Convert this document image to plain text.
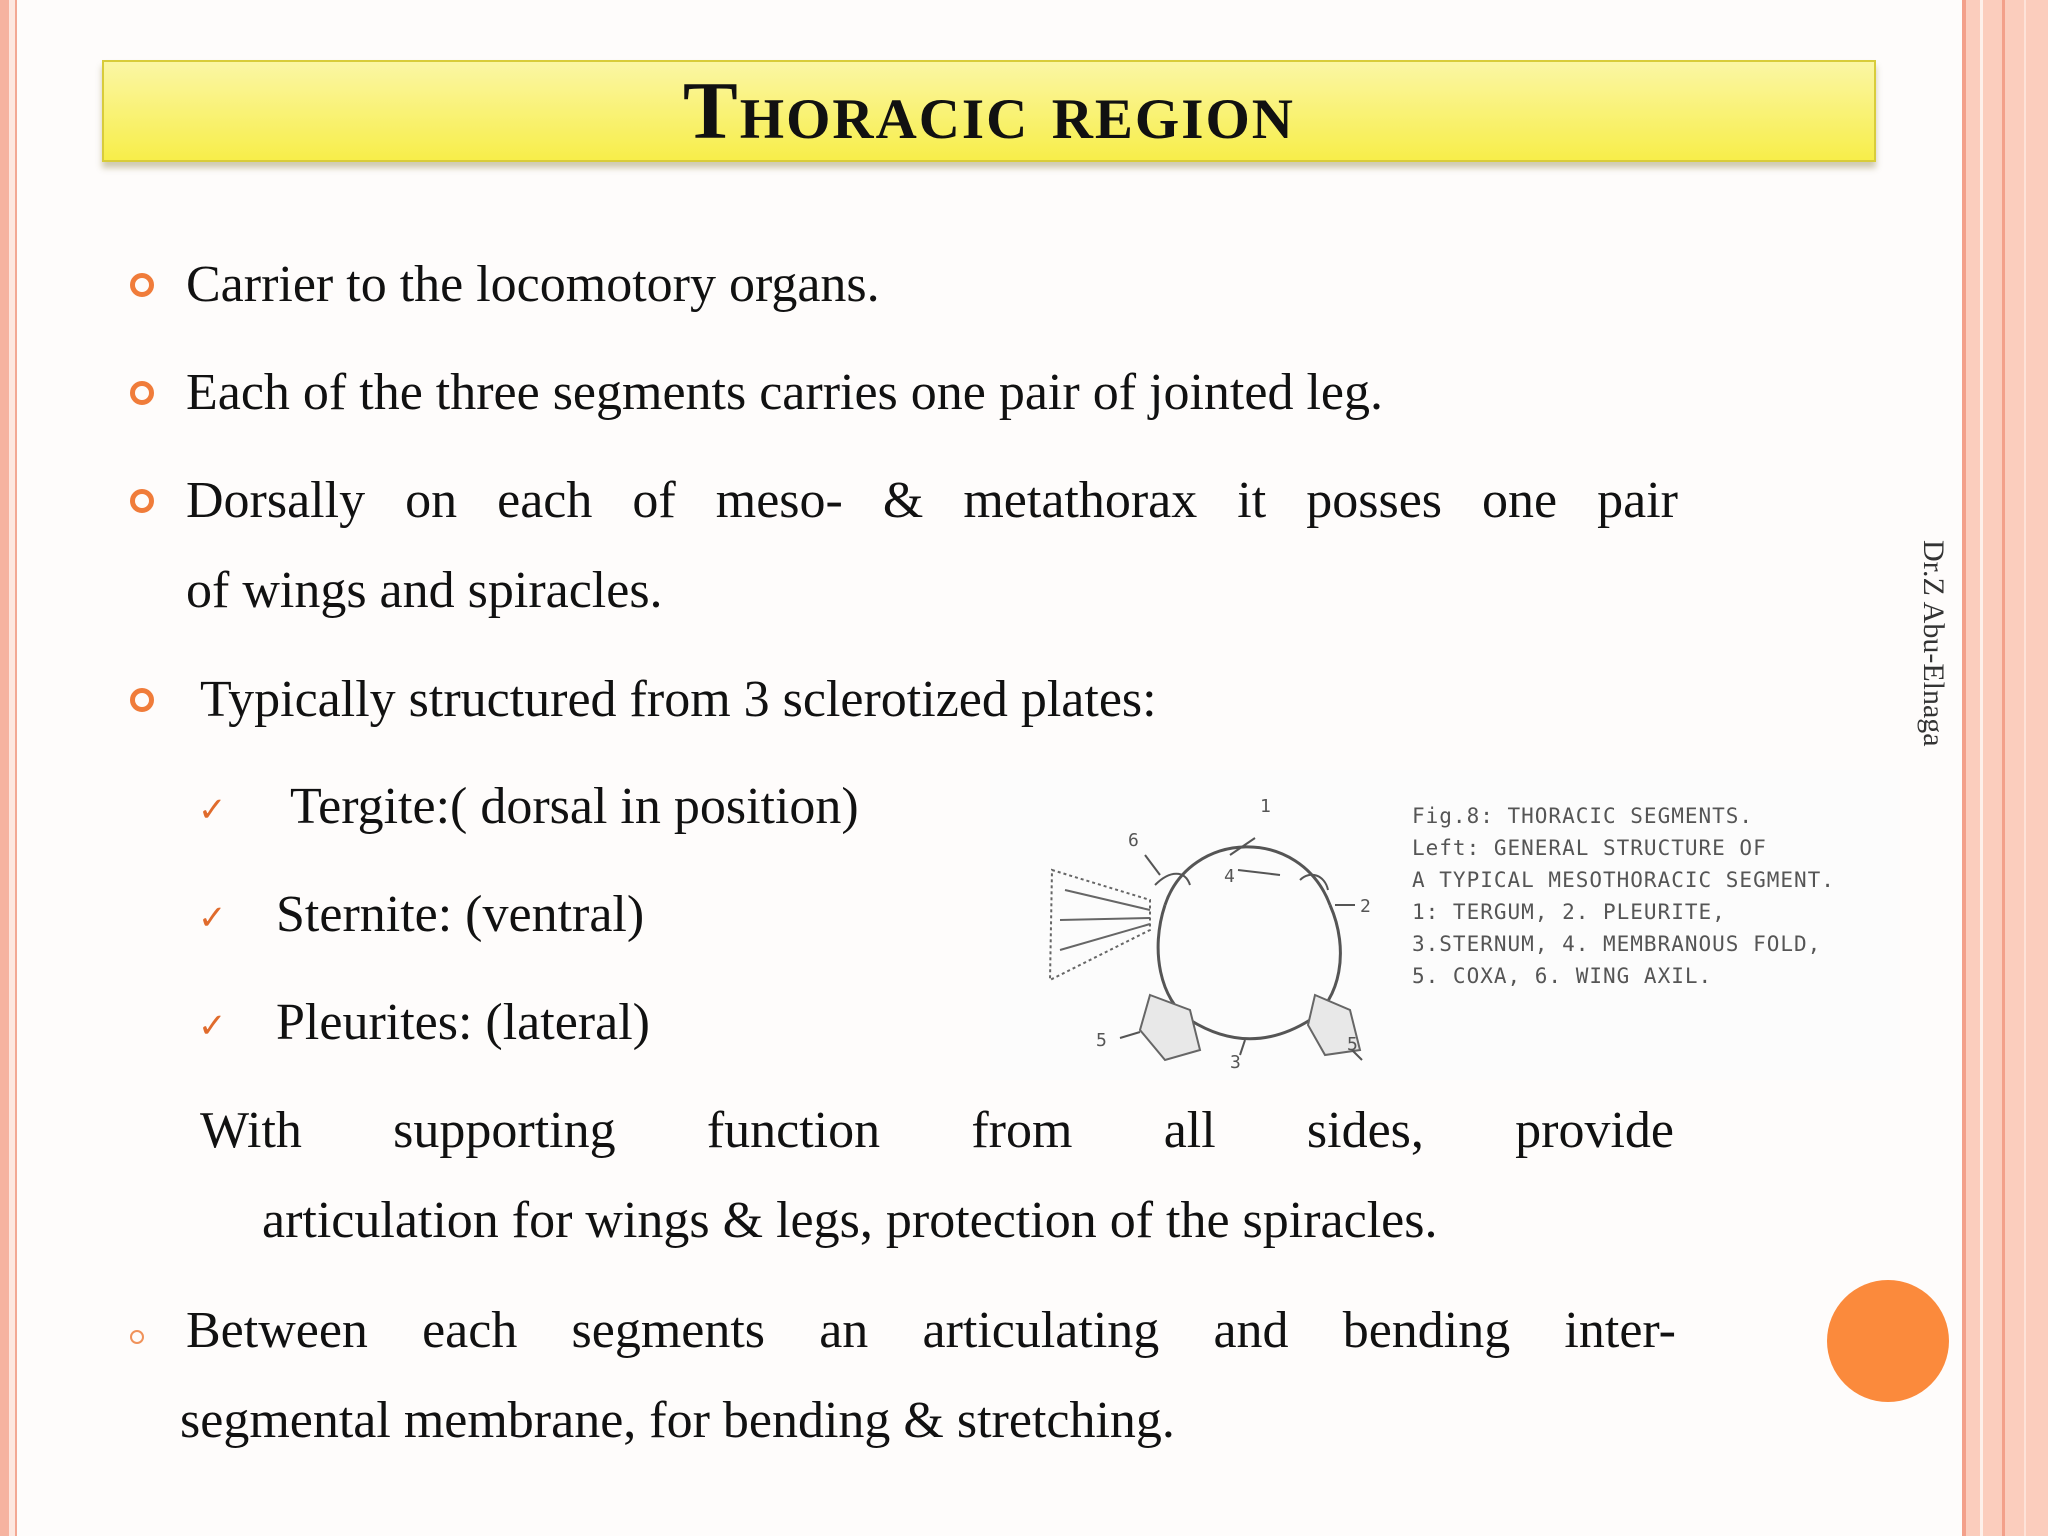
Thoracic region
Carrier to the locomotory organs.
Each of the three segments carries one pair of jointed leg.
Dorsally on each of meso- & metathorax it posses one pair
of wings and spiracles.
Typically structured from 3 sclerotized plates:
✓ Tergite:( dorsal in position)
✓ Sternite: (ventral)
✓ Pleurites: (lateral)
With supporting function from all sides, provide
articulation for wings & legs, protection of the spiracles.
Between each segments an articulating and bending inter-
segmental membrane, for bending & stretching.
1
2
3
4
5	5
6
Fig.8: THORACIC SEGMENTS.
Left: GENERAL STRUCTURE OF
A TYPICAL MESOTHORACIC SEGMENT.
1: TERGUM, 2. PLEURITE,
3.STERNUM, 4. MEMBRANOUS FOLD,
5. COXA, 6. WING AXIL.
Dr.Z Abu-Elnaga
